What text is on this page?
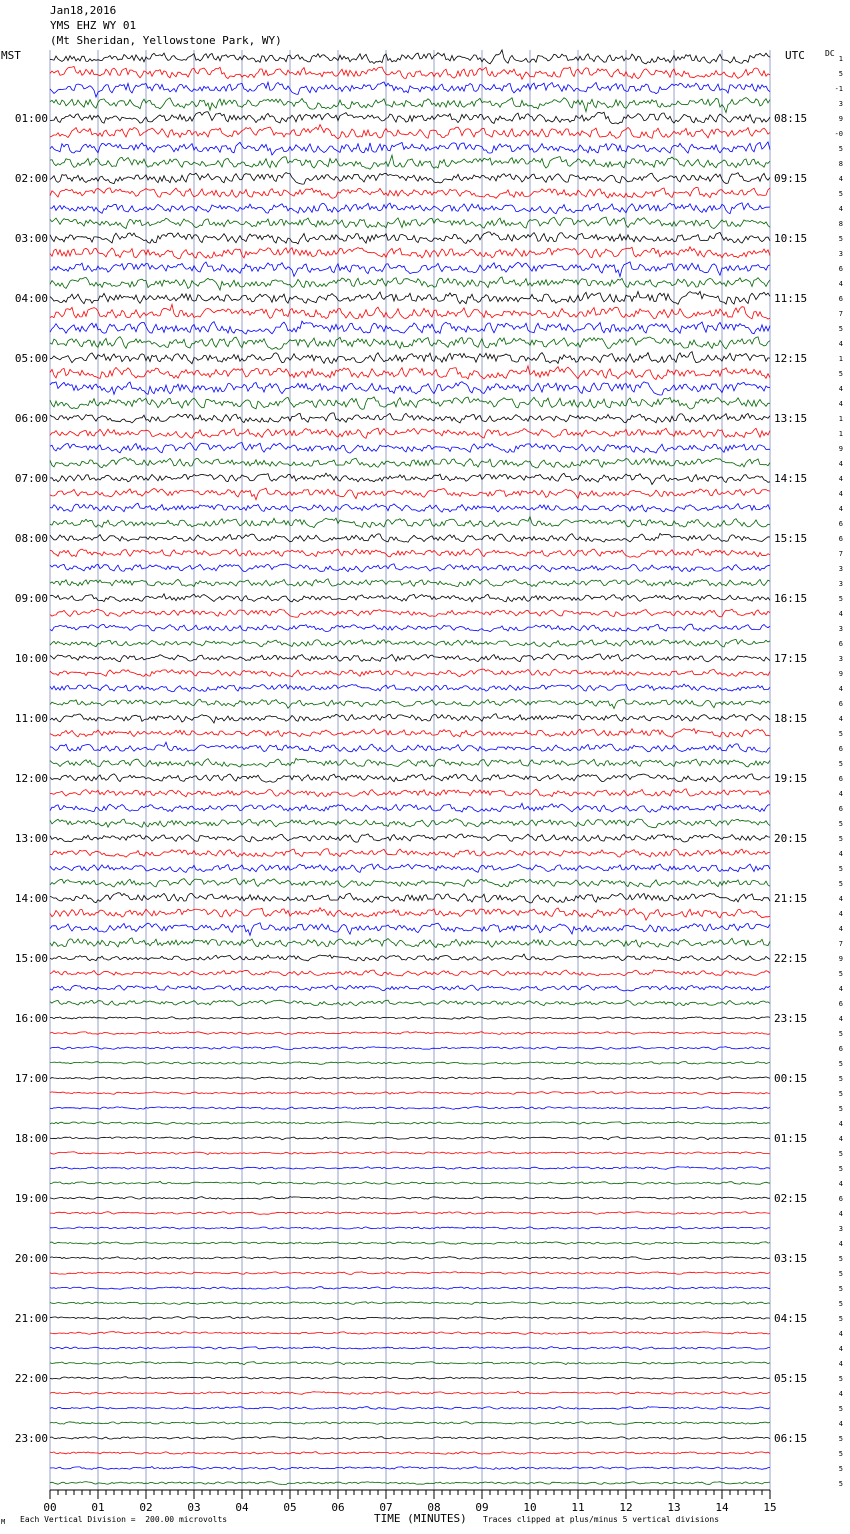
01:00
02:00
03:00
04:00
05:00
06:00
07:00
08:00
09:00
10:00
11:00
12:00
13:00
14:00
15:00
16:00
17:00
18:00
19:00
20:00
21:00
22:00
23:00
08:15
09:15
10:15
11:15
12:15
13:15
14:15
15:15
16:15
17:15
18:15
19:15
20:15
21:15
22:15
23:15
00:15
01:15
02:15
03:15
04:15
05:15
06:15
1
5
-1
3
9
-0
5
8
4
5
4
8
5
3
6
4
6
7
5
4
1
5
4
4
1
1
9
4
4
4
4
6
6
7
3
3
5
4
3
6
3
9
4
6
4
5
6
5
6
4
6
5
5
4
5
5
4
4
4
7
9
5
4
6
4
5
6
5
5
5
5
4
4
5
5
4
6
4
3
4
5
5
5
5
5
4
4
4
5
4
5
4
5
5
5
5
00	01	02	03	04	05	06	07	08	09	10	11	12	13	14	15
Jan18,2016
YMS EHZ WY 01
(Mt Sheridan, Yellowstone Park, WY)
MST	UTC	DC
M Each Vertical Division =  200.00 microvolts	TIME (MINUTES) Traces clipped at plus/minus 5 vertical divisions
